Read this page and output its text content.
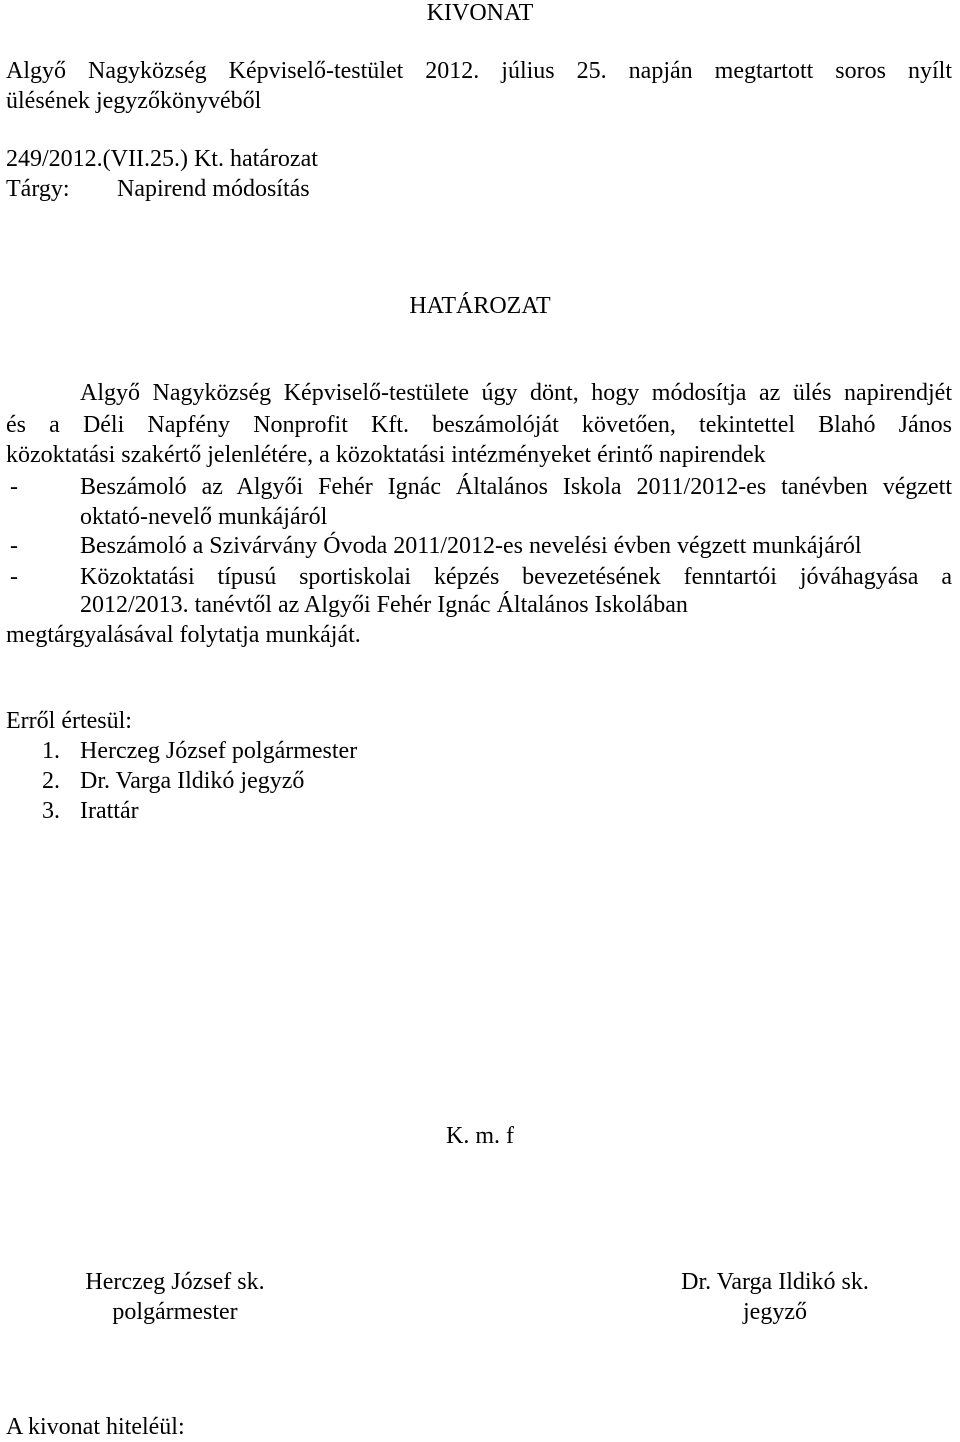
KIVONAT
Algyő Nagyközség Képviselő-testület 2012. július 25. napján megtartott soros nyílt
ülésének jegyzőkönyvéből
249/2012.(VII.25.) Kt. határozat
Tárgy: Napirend módosítás
HATÁROZAT
Algyő Nagyközség Képviselő-testülete úgy dönt, hogy módosítja az ülés napirendjét
és a Déli Napfény Nonprofit Kft. beszámolóját követően, tekintettel Blahó János
közoktatási szakértő jelenlétére, a közoktatási intézményeket érintő napirendek
-	Beszámoló az Algyői Fehér Ignác Általános Iskola 2011/2012-es tanévben végzett
oktató-nevelő munkájáról
-	Beszámoló a Szivárvány Óvoda 2011/2012-es nevelési évben végzett munkájáról
-	Közoktatási típusú sportiskolai képzés bevezetésének fenntartói jóváhagyása a
2012/2013. tanévtől az Algyői Fehér Ignác Általános Iskolában
megtárgyalásával folytatja munkáját.
Erről értesül:
1. Herczeg József polgármester
2. Dr. Varga Ildikó jegyző
3. Irattár
K. m. f
Herczeg József sk.
polgármester
Dr. Varga Ildikó sk.
jegyző
A kivonat hiteléül:
